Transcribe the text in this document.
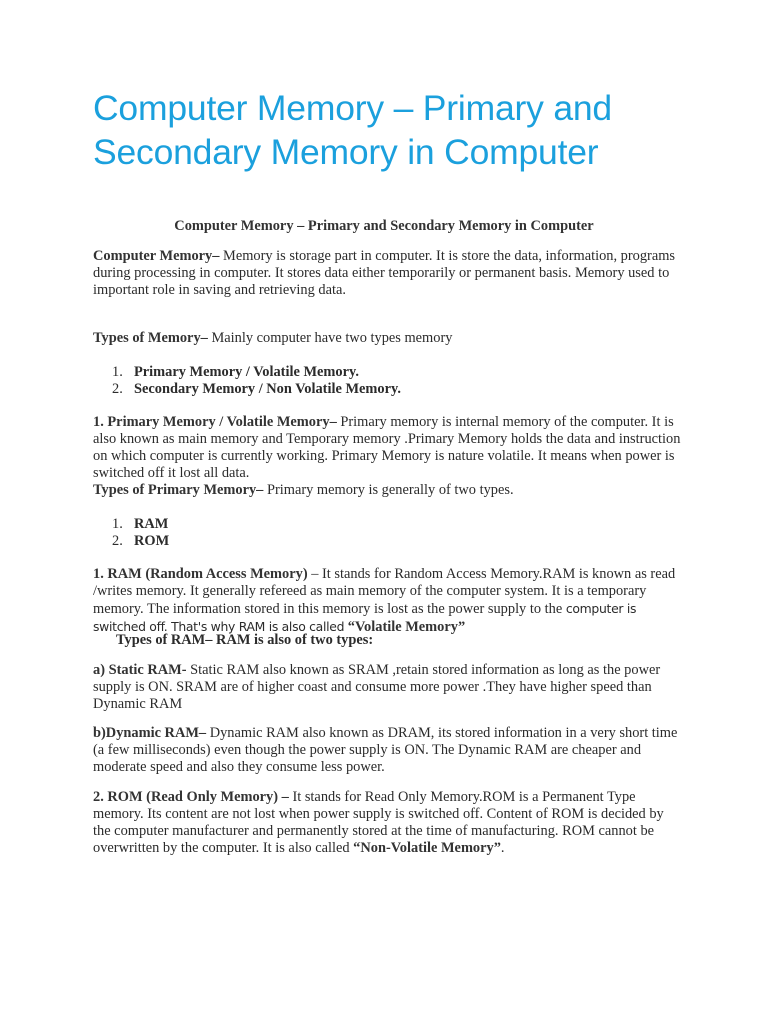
Computer Memory – Primary and Secondary Memory in Computer
Computer Memory – Primary and Secondary Memory in Computer

Computer Memory– Memory is storage part in computer. It is store the data, information, programs during processing in computer. It stores data either temporarily or permanent basis. Memory used to important role in saving and retrieving data.

Types of Memory– Mainly computer have two types memory

1. Primary Memory / Volatile Memory.
2. Secondary Memory / Non Volatile Memory.

1. Primary Memory / Volatile Memory– Primary memory is internal memory of the computer. It is also known as main memory and Temporary memory .Primary Memory holds the data and instruction on which computer is currently working. Primary Memory is nature volatile. It means when power is switched off it lost all data.
Types of Primary Memory– Primary memory is generally of two types.

1. RAM
2. ROM

1. RAM (Random Access Memory) – It stands for Random Access Memory.RAM is known as read /writes memory. It generally refereed as main memory of the computer system. It is a temporary memory. The information stored in this memory is lost as the power supply to the computer is switched off. That's why RAM is also called “Volatile Memory”

Types of RAM– RAM is also of two types:

a) Static RAM- Static RAM also known as SRAM ,retain stored information as long as the power supply is ON. SRAM are of higher coast and consume more power .They have higher speed than Dynamic RAM

b)Dynamic RAM– Dynamic RAM also known as DRAM, its stored information in a very short time (a few milliseconds) even though the power supply is ON. The Dynamic RAM are cheaper and moderate speed and also they consume less power.

2. ROM (Read Only Memory) – It stands for Read Only Memory.ROM is a Permanent Type memory. Its content are not lost when power supply is switched off. Content of ROM is decided by the computer manufacturer and permanently stored at the time of manufacturing. ROM cannot be overwritten by the computer. It is also called “Non-Volatile Memory”.
